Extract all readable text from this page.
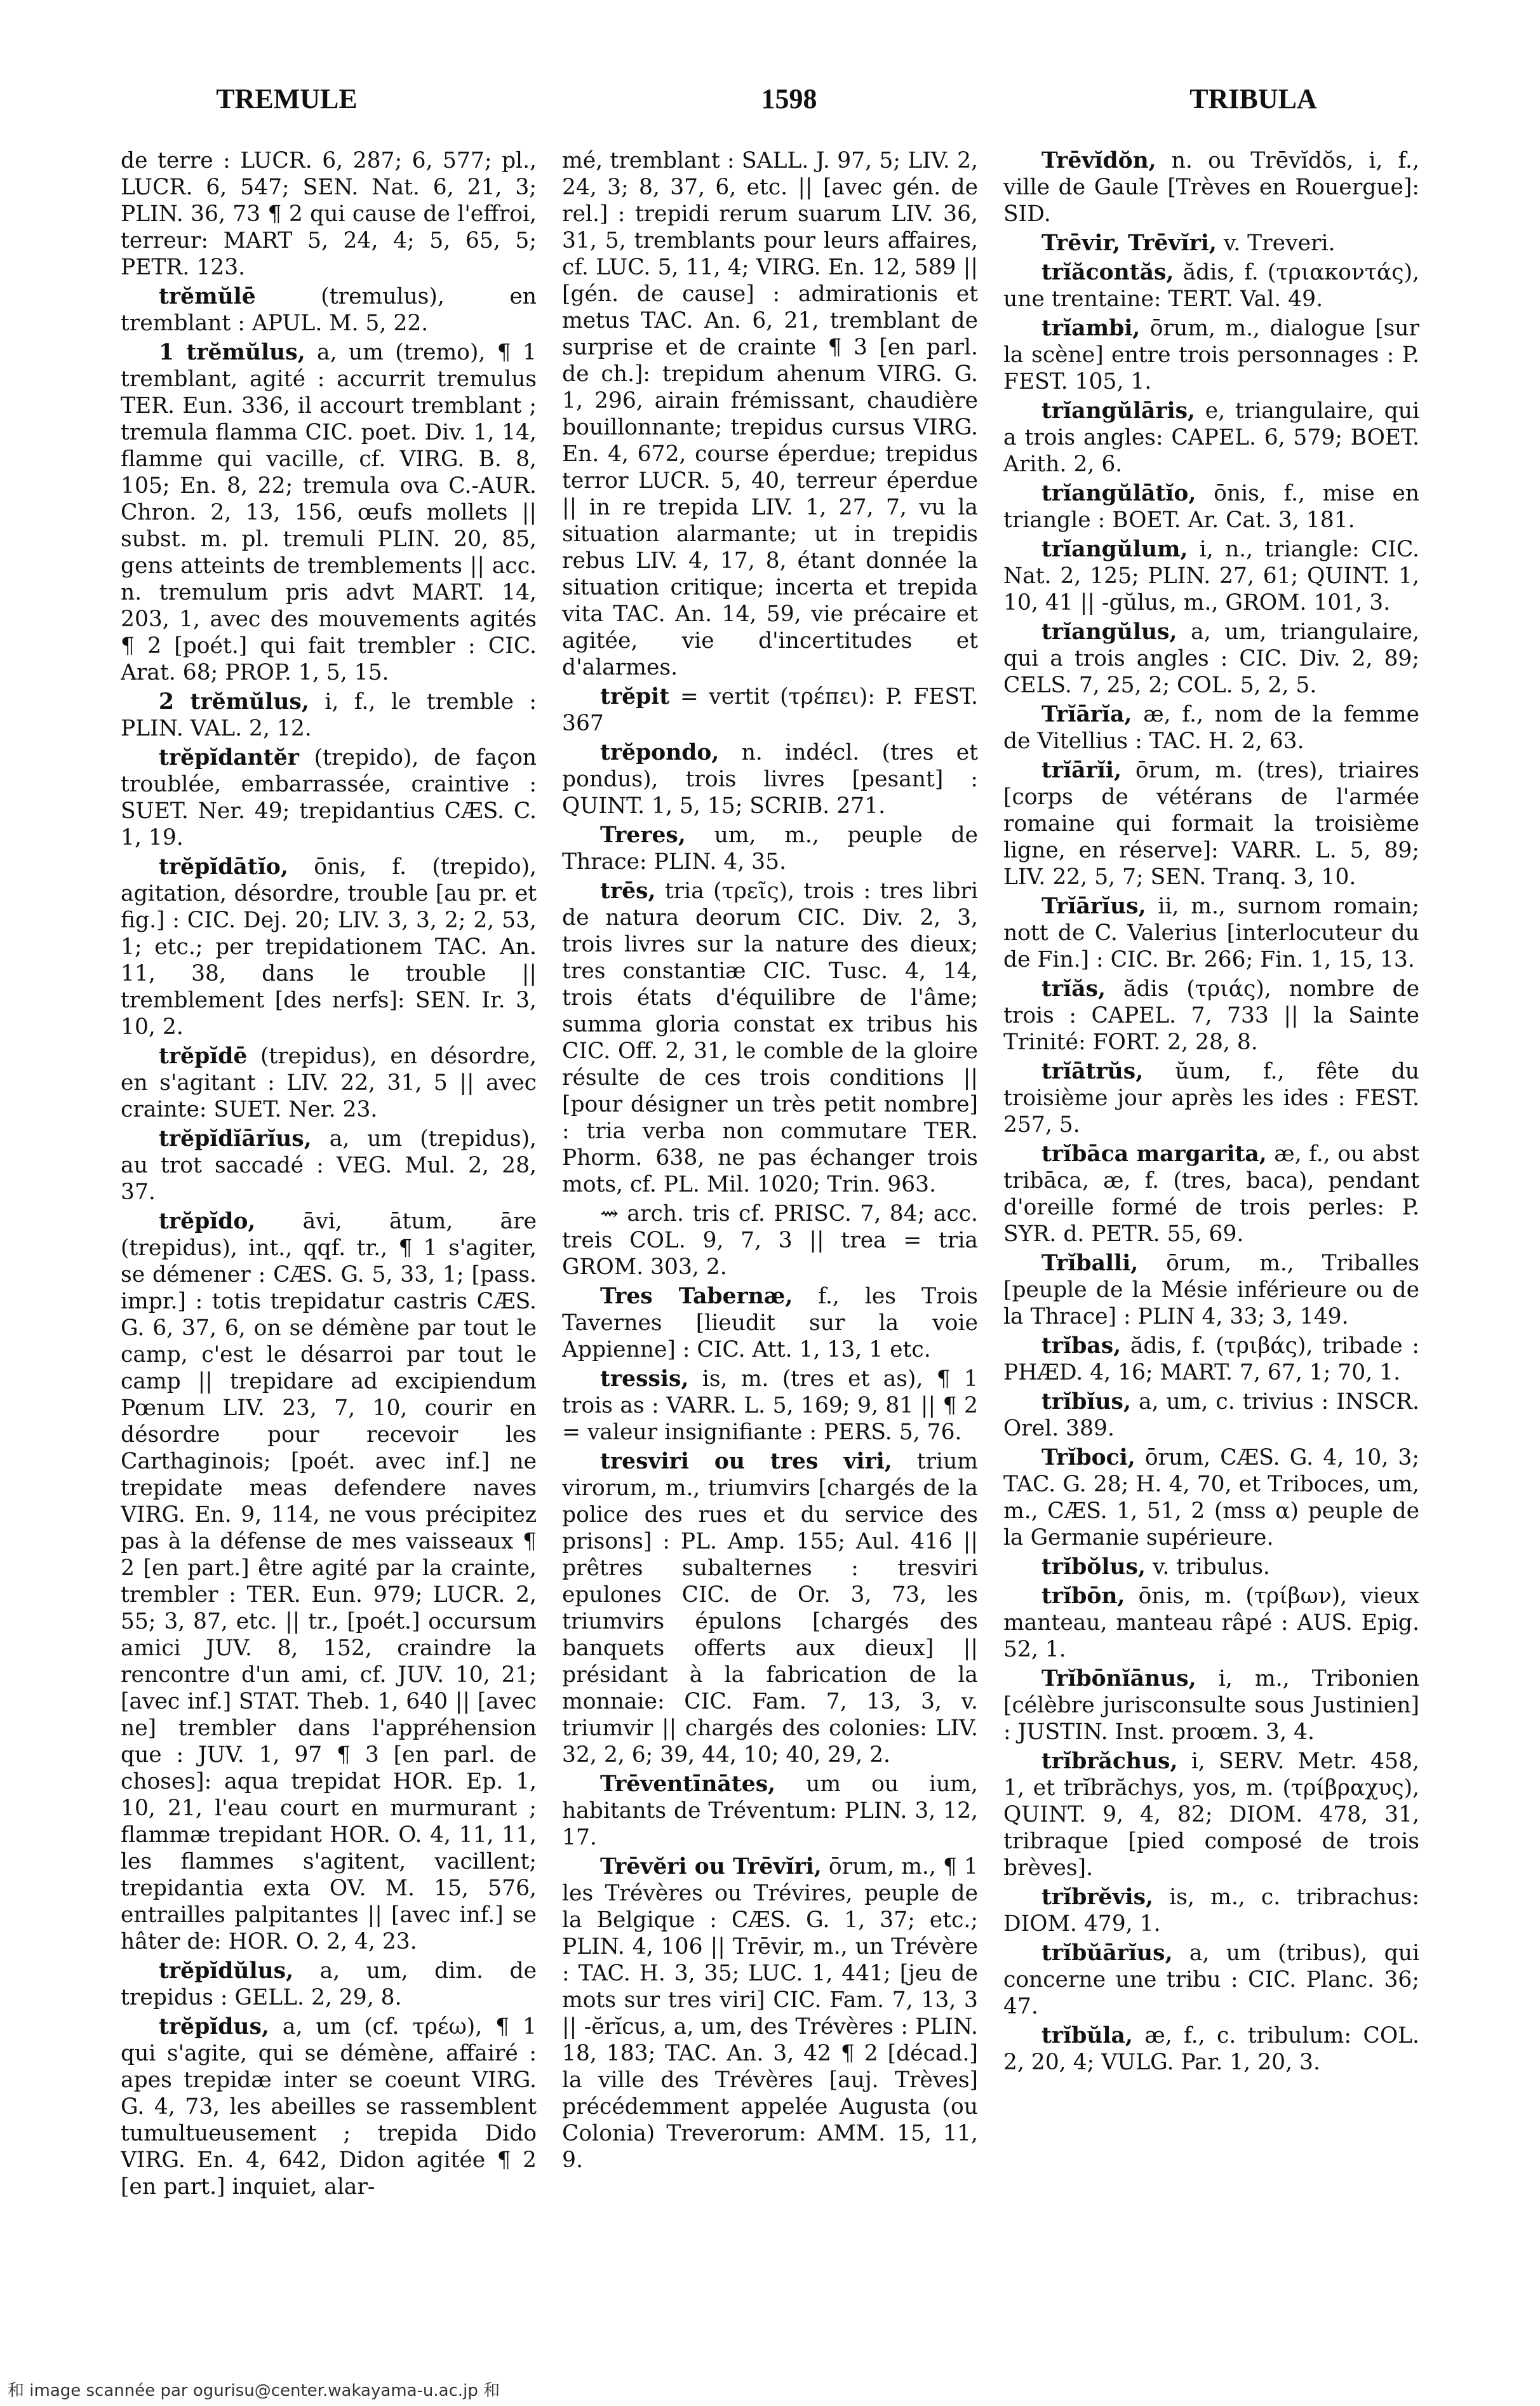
TREMULE	1598	TRIBULA

de terre : LUCR. 6, 287; 6, 577; pl., LUCR. 6, 547; SEN. Nat. 6, 21, 3; PLIN. 36, 73 ¶ 2 qui cause de l'effroi, terreur: MART 5, 24, 4; 5, 65, 5; PETR. 123.

trĕmŭlē (tremulus), en tremblant : APUL. M. 5, 22.

1 trĕmŭlus, a, um (tremo), ¶ 1 tremblant, agité : accurrit tremulus TER. Eun. 336, il accourt tremblant ; tremula flamma CIC. poet. Div. 1, 14, flamme qui vacille, cf. VIRG. B. 8, 105; En. 8, 22; tremula ova C.-AUR. Chron. 2, 13, 156, œufs mollets || subst. m. pl. tremuli PLIN. 20, 85, gens atteints de tremblements || acc. n. tremulum pris advt MART. 14, 203, 1, avec des mouvements agités ¶ 2 [poét.] qui fait trembler : CIC. Arat. 68; PROP. 1, 5, 15.

2 trĕmŭlus, i, f., le tremble : PLIN. VAL. 2, 12.

trĕpĭdantĕr (trepido), de façon troublée, embarrassée, craintive : SUET. Ner. 49; trepidantius CÆS. C. 1, 19.

trĕpĭdātĭo, ōnis, f. (trepido), agitation, désordre, trouble [au pr. et fig.] : CIC. Dej. 20; LIV. 3, 3, 2; 2, 53, 1; etc.; per trepidationem TAC. An. 11, 38, dans le trouble || tremblement [des nerfs]: SEN. Ir. 3, 10, 2.

trĕpĭdē (trepidus), en désordre, en s'agitant : LIV. 22, 31, 5 || avec crainte: SUET. Ner. 23.

trĕpĭdĭārĭus, a, um (trepidus), au trot saccadé : VEG. Mul. 2, 28, 37.

trĕpĭdo, āvi, ātum, āre (trepidus), int., qqf. tr., ¶ 1 s'agiter, se démener : CÆS. G. 5, 33, 1; [pass. impr.] : totis trepidatur castris CÆS. G. 6, 37, 6, on se démène par tout le camp, c'est le désarroi par tout le camp || trepidare ad excipiendum Pœnum LIV. 23, 7, 10, courir en désordre pour recevoir les Carthaginois; [poét. avec inf.] ne trepidate meas defendere naves VIRG. En. 9, 114, ne vous précipitez pas à la défense de mes vaisseaux ¶ 2 [en part.] être agité par la crainte, trembler : TER. Eun. 979; LUCR. 2, 55; 3, 87, etc. || tr., [poét.] occursum amici JUV. 8, 152, craindre la rencontre d'un ami, cf. JUV. 10, 21; [avec inf.] STAT. Theb. 1, 640 || [avec ne] trembler dans l'appréhension que : JUV. 1, 97 ¶ 3 [en parl. de choses]: aqua trepidat HOR. Ep. 1, 10, 21, l'eau court en murmurant ; flammæ trepidant HOR. O. 4, 11, 11, les flammes s'agitent, vacillent; trepidantia exta OV. M. 15, 576, entrailles palpitantes || [avec inf.] se hâter de: HOR. O. 2, 4, 23.

trĕpĭdŭlus, a, um, dim. de trepidus : GELL. 2, 29, 8.

trĕpĭdus, a, um (cf. τρέω), ¶ 1 qui s'agite, qui se démène, affairé : apes trepidæ inter se coeunt VIRG. G. 4, 73, les abeilles se rassemblent tumultueusement ; trepida Dido VIRG. En. 4, 642, Didon agitée ¶ 2 [en part.] inquiet, alar-

mé, tremblant : SALL. J. 97, 5; LIV. 2, 24, 3; 8, 37, 6, etc. || [avec gén. de rel.] : trepidi rerum suarum LIV. 36, 31, 5, tremblants pour leurs affaires, cf. LUC. 5, 11, 4; VIRG. En. 12, 589 || [gén. de cause] : admirationis et metus TAC. An. 6, 21, tremblant de surprise et de crainte ¶ 3 [en parl. de ch.]: trepidum ahenum VIRG. G. 1, 296, airain frémissant, chaudière bouillonnante; trepidus cursus VIRG. En. 4, 672, course éperdue; trepidus terror LUCR. 5, 40, terreur éperdue || in re trepida LIV. 1, 27, 7, vu la situation alarmante; ut in trepidis rebus LIV. 4, 17, 8, étant donnée la situation critique; incerta et trepida vita TAC. An. 14, 59, vie précaire et agitée, vie d'incertitudes et d'alarmes.

trĕpit = vertit (τρέπει): P. FEST. 367

trĕpondo, n. indécl. (tres et pondus), trois livres [pesant] : QUINT. 1, 5, 15; SCRIB. 271.

Treres, um, m., peuple de Thrace: PLIN. 4, 35.

trēs, tria (τρεῖς), trois : tres libri de natura deorum CIC. Div. 2, 3, trois livres sur la nature des dieux; tres constantiæ CIC. Tusc. 4, 14, trois états d'équilibre de l'âme; summa gloria constat ex tribus his CIC. Off. 2, 31, le comble de la gloire résulte de ces trois conditions || [pour désigner un très petit nombre] : tria verba non commutare TER. Phorm. 638, ne pas échanger trois mots, cf. PL. Mil. 1020; Trin. 963.

⇝ arch. tris cf. PRISC. 7, 84; acc. treis COL. 9, 7, 3 || trea = tria GROM. 303, 2.

Tres Tabernæ, f., les Trois Tavernes [lieudit sur la voie Appienne] : CIC. Att. 1, 13, 1 etc.

tressis, is, m. (tres et as), ¶ 1 trois as : VARR. L. 5, 169; 9, 81 || ¶ 2 = valeur insignifiante : PERS. 5, 76.

tresviri ou tres viri, trium virorum, m., triumvirs [chargés de la police des rues et du service des prisons] : PL. Amp. 155; Aul. 416 || prêtres subalternes : tresviri epulones CIC. de Or. 3, 73, les triumvirs épulons [chargés des banquets offerts aux dieux] || présidant à la fabrication de la monnaie: CIC. Fam. 7, 13, 3, v. triumvir || chargés des colonies: LIV. 32, 2, 6; 39, 44, 10; 40, 29, 2.

Trēventīnātes, um ou ium, habitants de Tréventum: PLIN. 3, 12, 17.

Trēvĕri ou Trēvĭri, ōrum, m., ¶ 1 les Trévères ou Trévires, peuple de la Belgique : CÆS. G. 1, 37; etc.; PLIN. 4, 106 || Trēvir, m., un Trévère : TAC. H. 3, 35; LUC. 1, 441; [jeu de mots sur tres viri] CIC. Fam. 7, 13, 3 || -ĕrĭcus, a, um, des Trévères : PLIN. 18, 183; TAC. An. 3, 42 ¶ 2 [décad.] la ville des Trévères [auj. Trèves] précédemment appelée Augusta (ou Colonia) Treverorum: AMM. 15, 11, 9.

Trēvĭdŏn, n. ou Trēvĭdŏs, i, f., ville de Gaule [Trèves en Rouergue]: SID.

Trēvir, Trēvĭri, v. Treveri.

trĭăcontăs, ădis, f. (τριακοντάς), une trentaine: TERT. Val. 49.

trĭambi, ōrum, m., dialogue [sur la scène] entre trois personnages : P. FEST. 105, 1.

trĭangŭlāris, e, triangulaire, qui a trois angles: CAPEL. 6, 579; BOET. Arith. 2, 6.

trĭangŭlātĭo, ōnis, f., mise en triangle : BOET. Ar. Cat. 3, 181.

trĭangŭlum, i, n., triangle: CIC. Nat. 2, 125; PLIN. 27, 61; QUINT. 1, 10, 41 || -gŭlus, m., GROM. 101, 3.

trĭangŭlus, a, um, triangulaire, qui a trois angles : CIC. Div. 2, 89; CELS. 7, 25, 2; COL. 5, 2, 5.

Trĭārĭa, æ, f., nom de la femme de Vitellius : TAC. H. 2, 63.

trĭārĭi, ōrum, m. (tres), triaires [corps de vétérans de l'armée romaine qui formait la troisième ligne, en réserve]: VARR. L. 5, 89; LIV. 22, 5, 7; SEN. Tranq. 3, 10.

Trĭārĭus, ii, m., surnom romain; nott de C. Valerius [interlocuteur du de Fin.] : CIC. Br. 266; Fin. 1, 15, 13.

trĭăs, ădis (τριάς), nombre de trois : CAPEL. 7, 733 || la Sainte Trinité: FORT. 2, 28, 8.

trĭātrŭs, ŭum, f., fête du troisième jour après les ides : FEST. 257, 5.

trĭbāca margarita, æ, f., ou abst tribāca, æ, f. (tres, baca), pendant d'oreille formé de trois perles: P. SYR. d. PETR. 55, 69.

Trĭballi, ōrum, m., Triballes [peuple de la Mésie inférieure ou de la Thrace] : PLIN 4, 33; 3, 149.

trĭbas, ădis, f. (τριβάς), tribade : PHÆD. 4, 16; MART. 7, 67, 1; 70, 1.

trĭbĭus, a, um, c. trivius : INSCR. Orel. 389.

Trĭboci, ōrum, CÆS. G. 4, 10, 3; TAC. G. 28; H. 4, 70, et Triboces, um, m., CÆS. 1, 51, 2 (mss α) peuple de la Germanie supérieure.

trĭbŏlus, v. tribulus.

trĭbōn, ōnis, m. (τρίβων), vieux manteau, manteau râpé : AUS. Epig. 52, 1.

Trĭbōnĭānus, i, m., Tribonien [célèbre jurisconsulte sous Justinien] : JUSTIN. Inst. proœm. 3, 4.

trĭbrăchus, i, SERV. Metr. 458, 1, et trĭbrăchys, yos, m. (τρίβραχυς), QUINT. 9, 4, 82; DIOM. 478, 31, tribraque [pied composé de trois brèves].

trĭbrĕvis, is, m., c. tribrachus: DIOM. 479, 1.

trĭbŭārĭus, a, um (tribus), qui concerne une tribu : CIC. Planc. 36; 47.

trĭbŭla, æ, f., c. tribulum: COL. 2, 20, 4; VULG. Par. 1, 20, 3.

和 image scannée par ogurisu@center.wakayama-u.ac.jp 和
